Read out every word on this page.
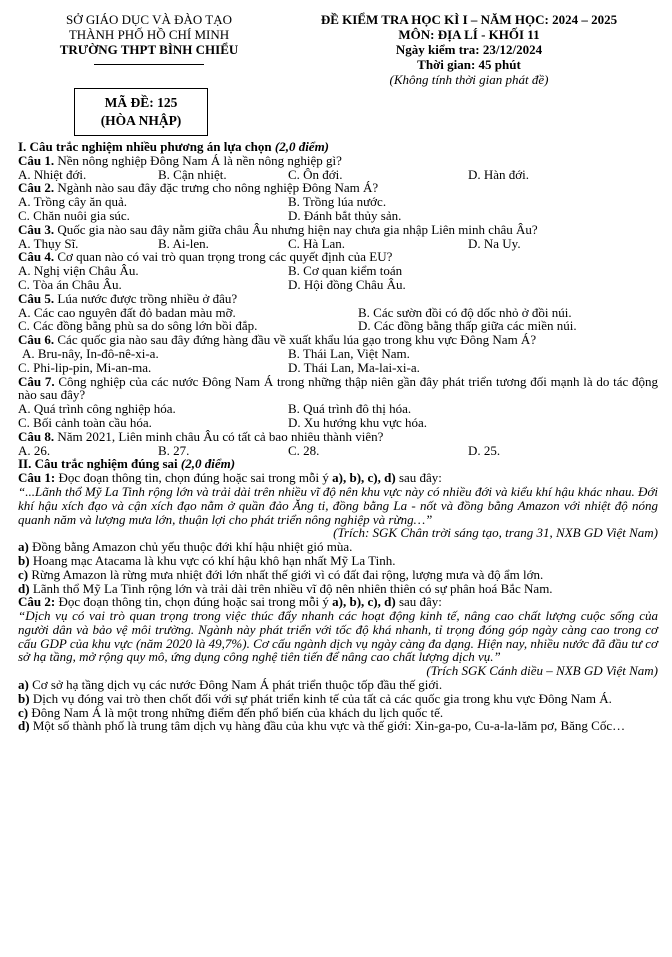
SỞ GIÁO DỤC VÀ ĐÀO TẠO
THÀNH PHỐ HỒ CHÍ MINH
TRƯỜNG THPT BÌNH CHIỂU
ĐỀ KIỂM TRA HỌC KÌ I – NĂM HỌC: 2024 – 2025
MÔN: ĐỊA LÍ - KHỐI 11
Ngày kiểm tra: 23/12/2024
Thời gian: 45 phút
(Không tính thời gian phát đề)
MÃ ĐỀ: 125
(HÒA NHẬP)
I. Câu trắc nghiệm nhiều phương án lựa chọn (2,0 điểm)
Câu 1. Nền nông nghiệp Đông Nam Á là nền nông nghiệp gì?
A. Nhiệt đới.	B. Cận nhiệt.	C. Ôn đới.	D. Hàn đới.
Câu 2. Ngành nào sau đây đặc trưng cho nông nghiệp Đông Nam Á?
A. Trồng cây ăn quả.	B. Trồng lúa nước.
C. Chăn nuôi gia súc.	D. Đánh bắt thủy sản.
Câu 3. Quốc gia nào sau đây nằm giữa châu Âu nhưng hiện nay chưa gia nhập Liên minh châu Âu?
A. Thụy Sĩ.	B. Ai-len.	C. Hà Lan.	D. Na Uy.
Câu 4. Cơ quan nào có vai trò quan trọng trong các quyết định của EU?
A. Nghị viện Châu Âu.	B. Cơ quan kiểm toán
C. Tòa án Châu Âu.	D. Hội đồng Châu Âu.
Câu 5. Lúa nước được trồng nhiều ở đâu?
A. Các cao nguyên đất đỏ badan màu mỡ.	B. Các sườn đồi có độ dốc nhỏ ở đồi núi.
C. Các đồng bằng phù sa do sông lớn bồi đắp.	D. Các đồng bằng thấp giữa các miền núi.
Câu 6. Các quốc gia nào sau đây đứng hàng đầu về xuất khẩu lúa gạo trong khu vực Đông Nam Á?
A. Bru-nây, In-đô-nê-xi-a.	B. Thái Lan, Việt Nam.
C. Phi-lip-pin, Mi-an-ma.	D. Thái Lan, Ma-lai-xi-a.
Câu 7. Công nghiệp của các nước Đông Nam Á trong những thập niên gần đây phát triển tương đối mạnh là do tác động nào sau đây?
A. Quá trình công nghiệp hóa.	B. Quá trình đô thị hóa.
C. Bối cảnh toàn cầu hóa.	D. Xu hướng khu vực hóa.
Câu 8. Năm 2021, Liên minh châu Âu có tất cả bao nhiêu thành viên?
A. 26.	B. 27.	C. 28.	D. 25.
II. Câu trắc nghiệm đúng sai (2,0 điểm)
Câu 1: Đọc đoạn thông tin, chọn đúng hoặc sai trong mỗi ý a), b), c), d) sau đây:
“...Lãnh thổ Mỹ La Tinh rộng lớn và trải dài trên nhiều vĩ độ nên khu vực này có nhiều đới và kiểu khí hậu khác nhau. Đới khí hậu xích đạo và cận xích đạo nằm ở quần đảo Ăng ti, đồng bằng La - nốt và đồng bằng Amazon với nhiệt độ nóng quanh năm và lượng mưa lớn, thuận lợi cho phát triển nông nghiệp và rừng…”
(Trích: SGK Chân trời sáng tạo, trang 31, NXB GD Việt Nam)
a) Đồng bằng Amazon chủ yếu thuộc đới khí hậu nhiệt gió mùa.
b) Hoang mạc Atacama là khu vực có khí hậu khô hạn nhất Mỹ La Tinh.
c) Rừng Amazon là rừng mưa nhiệt đới lớn nhất thế giới vì có đất đai rộng, lượng mưa và độ ẩm lớn.
d) Lãnh thổ Mỹ La Tinh rộng lớn và trải dài trên nhiều vĩ độ nên nhiên thiên có sự phân hoá Bắc Nam.
Câu 2: Đọc đoạn thông tin, chọn đúng hoặc sai trong mỗi ý a), b), c), d) sau đây:
“Dịch vụ có vai trò quan trọng trong việc thúc đẩy nhanh các hoạt động kinh tế, nâng cao chất lượng cuộc sống của người dân và bảo vệ môi trường. Ngành này phát triển với tốc độ khá nhanh, tỉ trọng đóng góp ngày càng cao trong cơ cấu GDP của khu vực (năm 2020 là 49,7%). Cơ cấu ngành dịch vụ ngày càng đa dạng. Hiện nay, nhiều nước đã đầu tư cơ sở hạ tầng, mở rộng quy mô, ứng dụng công nghệ tiên tiến để nâng cao chất lượng dịch vụ.”
(Trích SGK Cánh diều – NXB GD Việt Nam)
a) Cơ sở hạ tầng dịch vụ các nước Đông Nam Á phát triển thuộc tốp đầu thế giới.
b) Dịch vụ đóng vai trò then chốt đối với sự phát triển kinh tế của tất cả các quốc gia trong khu vực Đông Nam Á.
c) Đông Nam Á là một trong những điểm đến phổ biến của khách du lịch quốc tế.
d) Một số thành phố là trung tâm dịch vụ hàng đầu của khu vực và thế giới: Xin-ga-po, Cu-a-la-lăm pơ, Băng Cốc…
